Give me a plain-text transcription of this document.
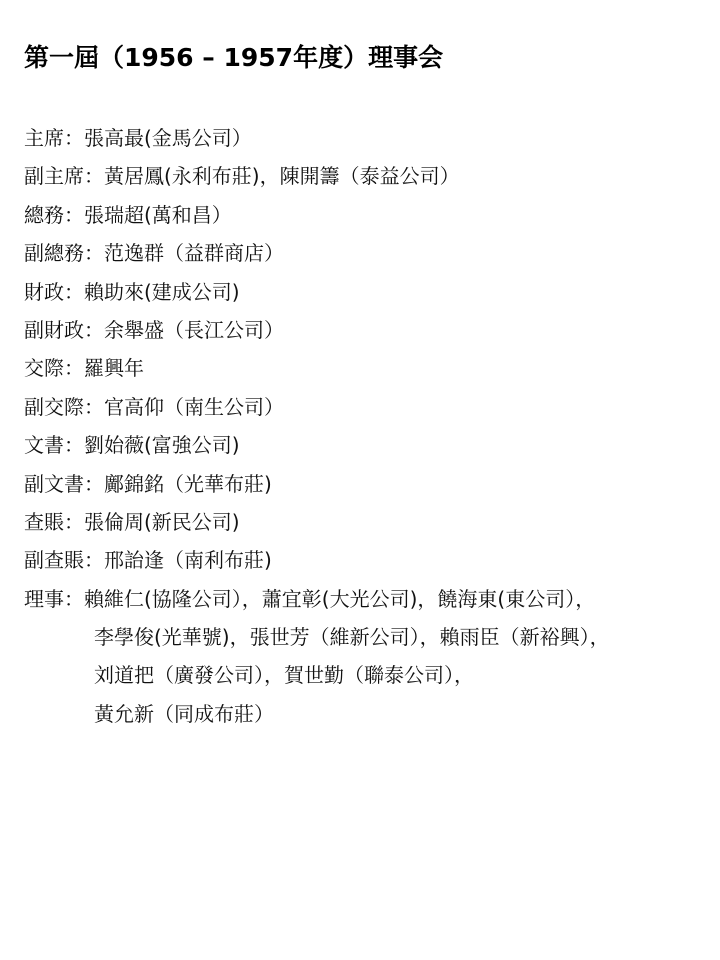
第一屆（1956 – 1957年度）理事会
主席：張高最(金馬公司）
副主席：黃居鳳(永利布莊)，陳開籌（泰益公司）
總務：張瑞超(萬和昌）
副總務：范逸群（益群商店）
財政：賴助來(建成公司)
副財政：余舉盛（長江公司）
交際：羅興年
副交際：官高仰（南生公司）
文書：劉始薇(富強公司)
副文書：鄺錦銘（光華布莊)
查賬：張倫周(新民公司)
副查賬：邢詒逢（南利布莊)
理事：賴維仁(協隆公司），蕭宜彰(大光公司)，饒海東(東公司），
李學俊(光華號)，張世芳（維新公司），賴雨臣（新裕興），
刘道把（廣發公司），賀世勤（聯泰公司），
黃允新（同成布莊）
